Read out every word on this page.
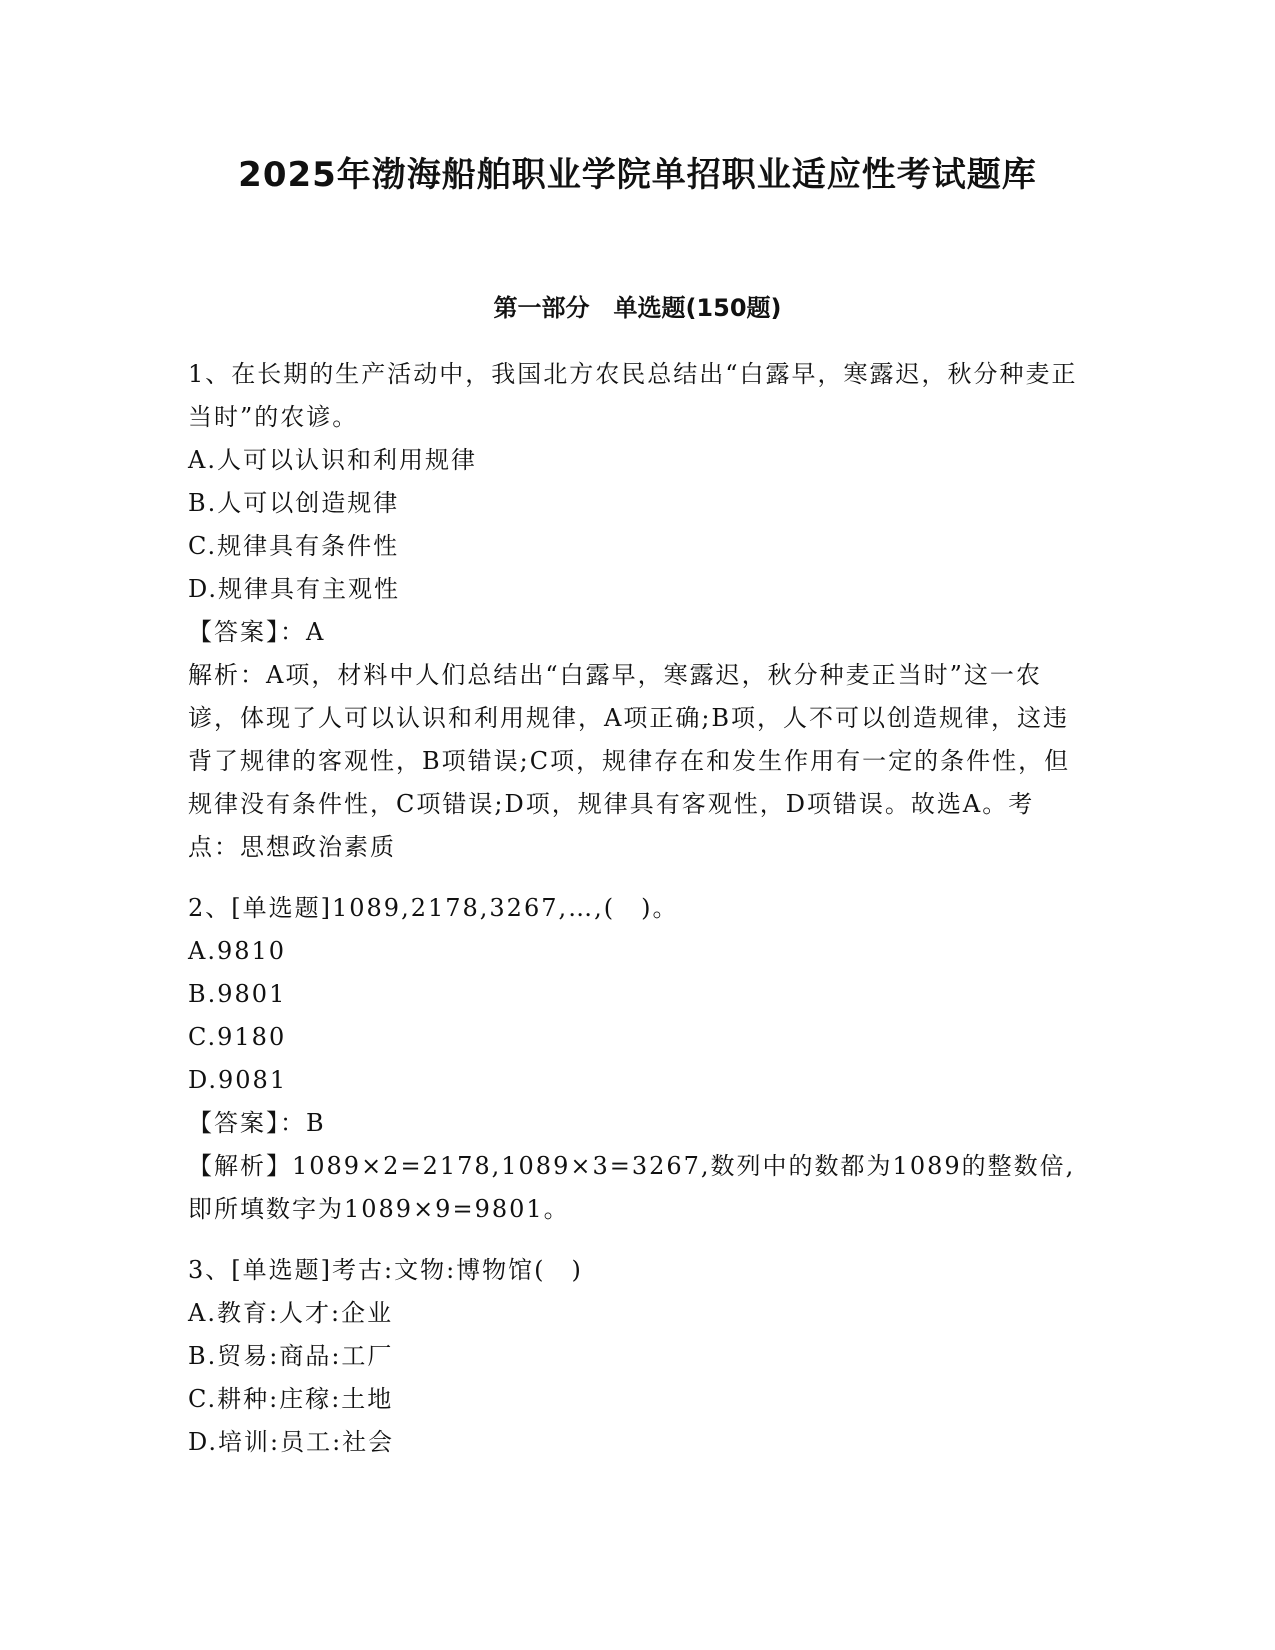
2025年渤海船舶职业学院单招职业适应性考试题库
第一部分　单选题(150题)

1、在长期的生产活动中，我国北方农民总结出“白露早，寒露迟，秋分种麦正当时”的农谚。

A.人可以认识和利用规律

B.人可以创造规律

C.规律具有条件性

D.规律具有主观性

【答案】：A

解析：A项，材料中人们总结出“白露早，寒露迟，秋分种麦正当时”这一农谚，体现了人可以认识和利用规律，A项正确;B项，人不可以创造规律，这违背了规律的客观性，B项错误;C项，规律存在和发生作用有一定的条件性，但规律没有条件性，C项错误;D项，规律具有客观性，D项错误。故选A。考点：思想政治素质

2、[单选题]1089,2178,3267,…,(　)。

A.9810

B.9801

C.9180

D.9081

【答案】：B

【解析】1089×2=2178,1089×3=3267,数列中的数都为1089的整数倍,即所填数字为1089×9=9801。

3、[单选题]考古:文物:博物馆(　)

A.教育:人才:企业

B.贸易:商品:工厂

C.耕种:庄稼:土地

D.培训:员工:社会
